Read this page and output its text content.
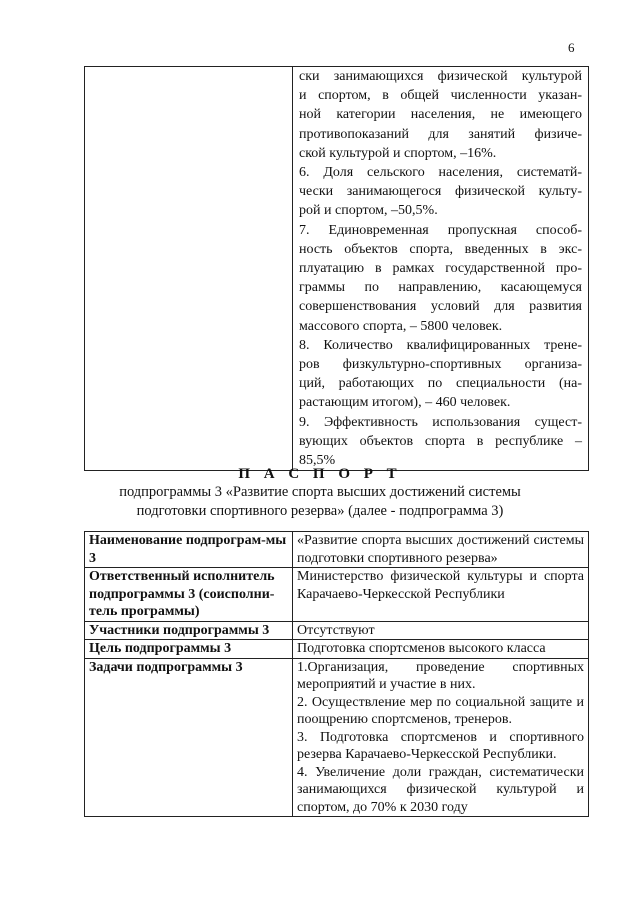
6

ски занимающихся физической культурой
и спортом, в общей численности указан-
ной категории населения, не имеющего
противопоказаний для занятий физиче-
ской культурой и спортом, –16%.
6. Доля сельского населения, систематй-
чески занимающегося физической культу-
рой и спортом, –50,5%.
7. Единовременная пропускная способ-
ность объектов спорта, введенных в экс-
плуатацию в рамках государственной про-
граммы по направлению, касающемуся
совершенствования условий для развития
массового спорта, – 5800 человек.
8. Количество квалифицированных трене-
ров физкультурно-спортивных организа-
ций, работающих по специальности (на-
растающим итогом), – 460 человек.
9. Эффективность использования сущест-
вующих объектов спорта в республике –
85,5%
П А С П О Р Т
подпрограммы 3 «Развитие спорта высших достижений системы
подготовки спортивного резерва» (далее - подпрограмма 3)
Наименование подпрограм-мы 3	«Развитие спорта высших достижений системы подготовки спортивного резерва»
Ответственный исполнитель подпрограммы 3 (соисполни-тель программы)	Министерство физической культуры и спорта Карачаево-Черкесской Республики
Участники подпрограммы 3	Отсутствуют
Цель подпрограммы 3	Подготовка спортсменов высокого класса
Задачи подпрограммы 3	1.Организация, проведение спортивных мероприятий и участие в них.
2. Осуществление мер по социальной защите и поощрению спортсменов, тренеров.
3. Подготовка спортсменов и спортивного резерва Карачаево-Черкесской Республики.
4. Увеличение доли граждан, систематически занимающихся физической культурой и спортом, до 70% к 2030 году
